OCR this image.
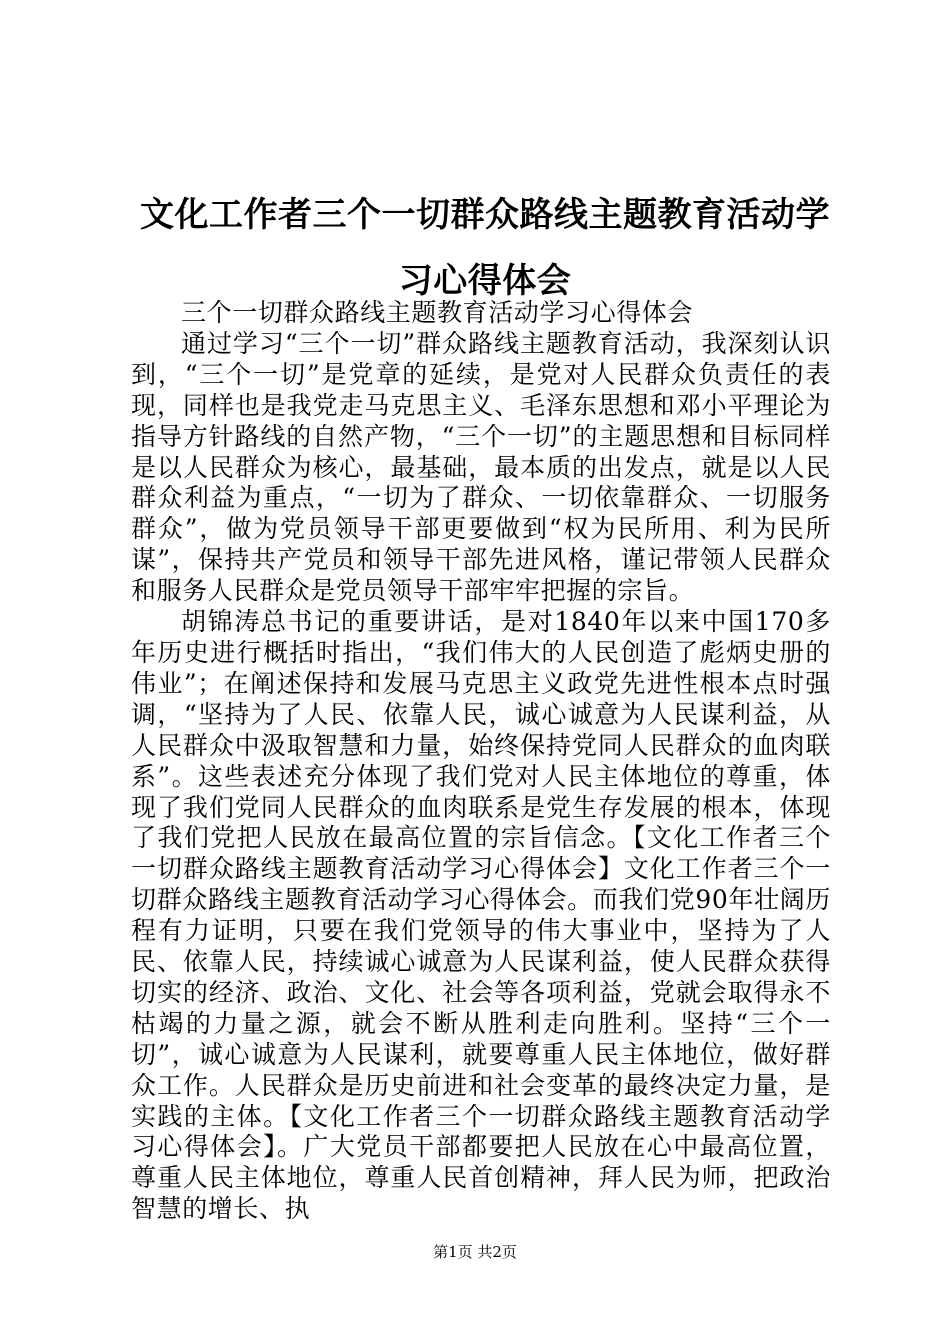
文化工作者三个一切群众路线主题教育活动学习心得体会

三个一切群众路线主题教育活动学习心得体会

通过学习“三个一切”群众路线主题教育活动，我深刻认识到，“三个一切”是党章的延续，是党对人民群众负责任的表现，同样也是我党走马克思主义、毛泽东思想和邓小平理论为指导方针路线的自然产物，“三个一切”的主题思想和目标同样是以人民群众为核心，最基础，最本质的出发点，就是以人民群众利益为重点，“一切为了群众、一切依靠群众、一切服务群众”，做为党员领导干部更要做到“权为民所用、利为民所谋”，保持共产党员和领导干部先进风格，谨记带领人民群众和服务人民群众是党员领导干部牢牢把握的宗旨。

胡锦涛总书记的重要讲话，是对1840年以来中国170多年历史进行概括时指出，“我们伟大的人民创造了彪炳史册的伟业”；在阐述保持和发展马克思主义政党先进性根本点时强调，“坚持为了人民、依靠人民，诚心诚意为人民谋利益，从人民群众中汲取智慧和力量，始终保持党同人民群众的血肉联系”。这些表述充分体现了我们党对人民主体地位的尊重，体现了我们党同人民群众的血肉联系是党生存发展的根本，体现了我们党把人民放在最高位置的宗旨信念。【文化工作者三个一切群众路线主题教育活动学习心得体会】文化工作者三个一切群众路线主题教育活动学习心得体会。而我们党90年壮阔历程有力证明，只要在我们党领导的伟大事业中，坚持为了人民、依靠人民，持续诚心诚意为人民谋利益，使人民群众获得切实的经济、政治、文化、社会等各项利益，党就会取得永不枯竭的力量之源，就会不断从胜利走向胜利。坚持“三个一切”，诚心诚意为人民谋利，就要尊重人民主体地位，做好群众工作。人民群众是历史前进和社会变革的最终决定力量，是实践的主体。【文化工作者三个一切群众路线主题教育活动学习心得体会】。广大党员干部都要把人民放在心中最高位置，尊重人民主体地位，尊重人民首创精神，拜人民为师，把政治智慧的增长、执

第1页 共2页
